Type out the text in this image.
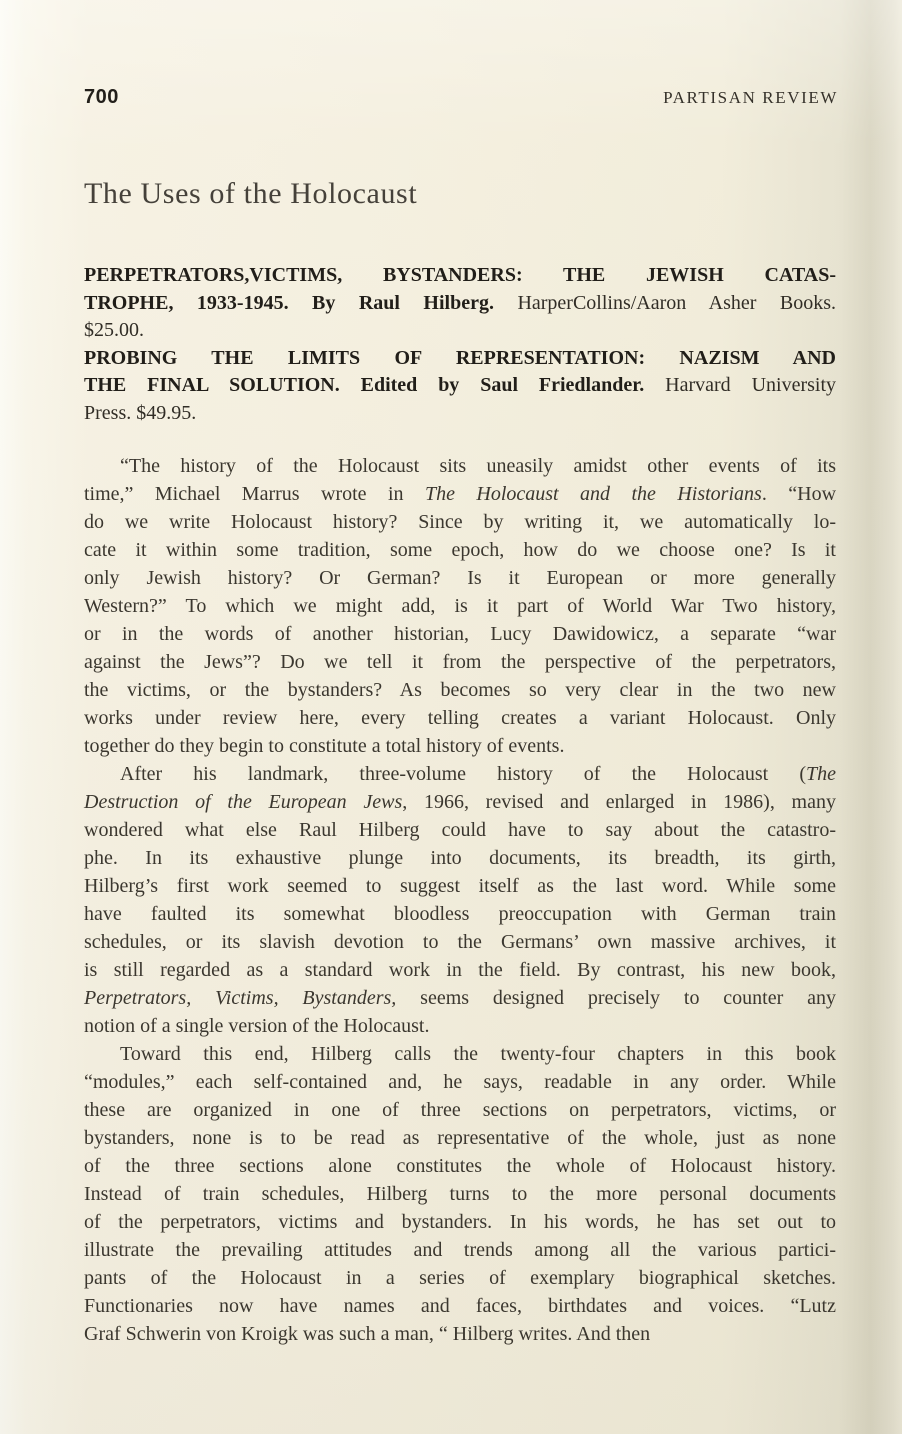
700	PARTISAN REVIEW
The Uses of the Holocaust
PERPETRATORS,VICTIMS, BYSTANDERS: THE JEWISH CATAS-
TROPHE, 1933-1945. By Raul Hilberg. HarperCollins/Aaron Asher Books.
$25.00.
PROBING THE LIMITS OF REPRESENTATION: NAZISM AND
THE FINAL SOLUTION. Edited by Saul Friedlander. Harvard University
Press. $49.95.
“The history of the Holocaust sits uneasily amidst other events of its
time,” Michael Marrus wrote in The Holocaust and the Historians. “How
do we write Holocaust history? Since by writing it, we automatically lo-
cate it within some tradition, some epoch, how do we choose one? Is it
only Jewish history? Or German? Is it European or more generally
Western?” To which we might add, is it part of World War Two history,
or in the words of another historian, Lucy Dawidowicz, a separate “war
against the Jews”? Do we tell it from the perspective of the perpetrators,
the victims, or the bystanders? As becomes so very clear in the two new
works under review here, every telling creates a variant Holocaust. Only
together do they begin to constitute a total history of events.
After his landmark, three-volume history of the Holocaust (The
Destruction of the European Jews, 1966, revised and enlarged in 1986), many
wondered what else Raul Hilberg could have to say about the catastro-
phe. In its exhaustive plunge into documents, its breadth, its girth,
Hilberg’s first work seemed to suggest itself as the last word. While some
have faulted its somewhat bloodless preoccupation with German train
schedules, or its slavish devotion to the Germans’ own massive archives, it
is still regarded as a standard work in the field. By contrast, his new book,
Perpetrators, Victims, Bystanders, seems designed precisely to counter any
notion of a single version of the Holocaust.
Toward this end, Hilberg calls the twenty-four chapters in this book
“modules,” each self-contained and, he says, readable in any order. While
these are organized in one of three sections on perpetrators, victims, or
bystanders, none is to be read as representative of the whole, just as none
of the three sections alone constitutes the whole of Holocaust history.
Instead of train schedules, Hilberg turns to the more personal documents
of the perpetrators, victims and bystanders. In his words, he has set out to
illustrate the prevailing attitudes and trends among all the various partici-
pants of the Holocaust in a series of exemplary biographical sketches.
Functionaries now have names and faces, birthdates and voices. “Lutz
Graf Schwerin von Kroigk was such a man, “ Hilberg writes. And then
